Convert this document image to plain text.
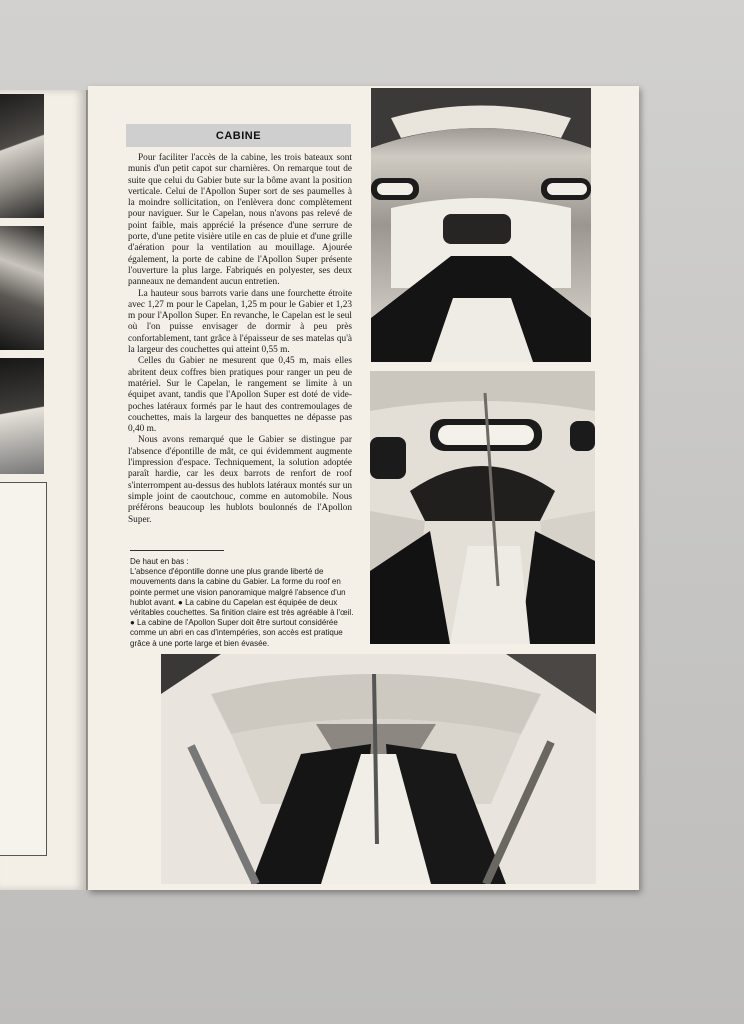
CABINE

Pour faciliter l'accès de la cabine, les trois bateaux sont munis d'un petit capot sur charnières. On remarque tout de suite que celui du Gabier bute sur la bôme avant la position verticale. Celui de l'Apollon Super sort de ses paumelles à la moindre sollicitation, on l'enlèvera donc complètement pour naviguer. Sur le Capelan, nous n'avons pas relevé de point faible, mais apprécié la présence d'une serrure de porte, d'une petite visière utile en cas de pluie et d'une grille d'aération pour la ventilation au mouillage. Ajourée également, la porte de cabine de l'Apollon Super présente l'ouverture la plus large. Fabriqués en polyester, ses deux panneaux ne demandent aucun entretien.

La hauteur sous barrots varie dans une fourchette étroite avec 1,27 m pour le Capelan, 1,25 m pour le Gabier et 1,23 m pour l'Apollon Super. En revanche, le Capelan est le seul où l'on puisse envisager de dormir à peu près confortablement, tant grâce à l'épaisseur de ses matelas qu'à la largeur des couchettes qui atteint 0,55 m.

Celles du Gabier ne mesurent que 0,45 m, mais elles abritent deux coffres bien pratiques pour ranger un peu de matériel. Sur le Capelan, le rangement se limite à un équipet avant, tandis que l'Apollon Super est doté de vide-poches latéraux formés par le haut des contremoulages de couchettes, mais la largeur des banquettes ne dépasse pas 0,40 m.

Nous avons remarqué que le Gabier se distingue par l'absence d'épontille de mât, ce qui évidemment augmente l'impression d'espace. Techniquement, la solution adoptée paraît hardie, car les deux barrots de renfort de roof s'interrompent au-dessus des hublots latéraux montés sur un simple joint de caoutchouc, comme en automobile. Nous préférons beaucoup les hublots boulonnés de l'Apollon Super.

De haut en bas :

L'absence d'épontille donne une plus grande liberté de mouvements dans la cabine du Gabier. La forme du roof en pointe permet une vision panoramique malgré l'absence d'un hublot avant. ● La cabine du Capelan est équipée de deux véritables couchettes. Sa finition claire est très agréable à l'œil. ● La cabine de l'Apollon Super doit être surtout considérée comme un abri en cas d'intempéries, son accès est pratique grâce à une porte large et bien évasée.
